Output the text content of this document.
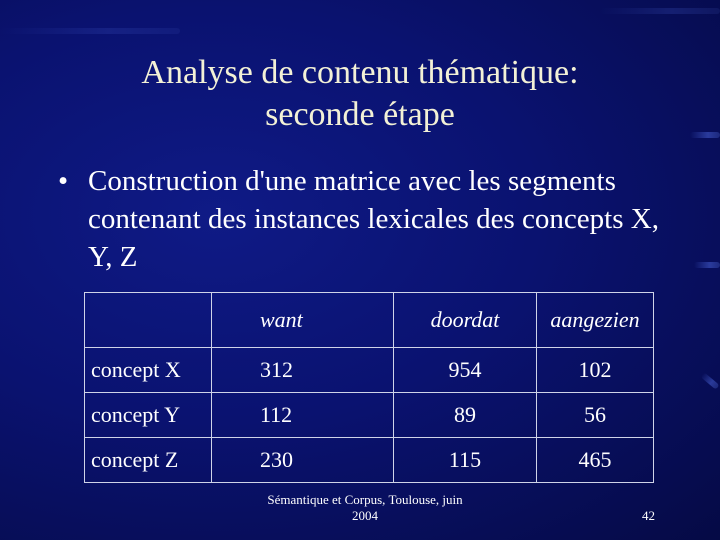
Analyse de contenu thématique:
seconde étape
• Construction d'une matrice avec les segments contenant des instances lexicales des concepts X, Y, Z
	want	doordat	aangezien
concept X	312	954	102
concept Y	112	89	56
concept Z	230	115	465
Sémantique et Corpus, Toulouse, juin
2004	42
